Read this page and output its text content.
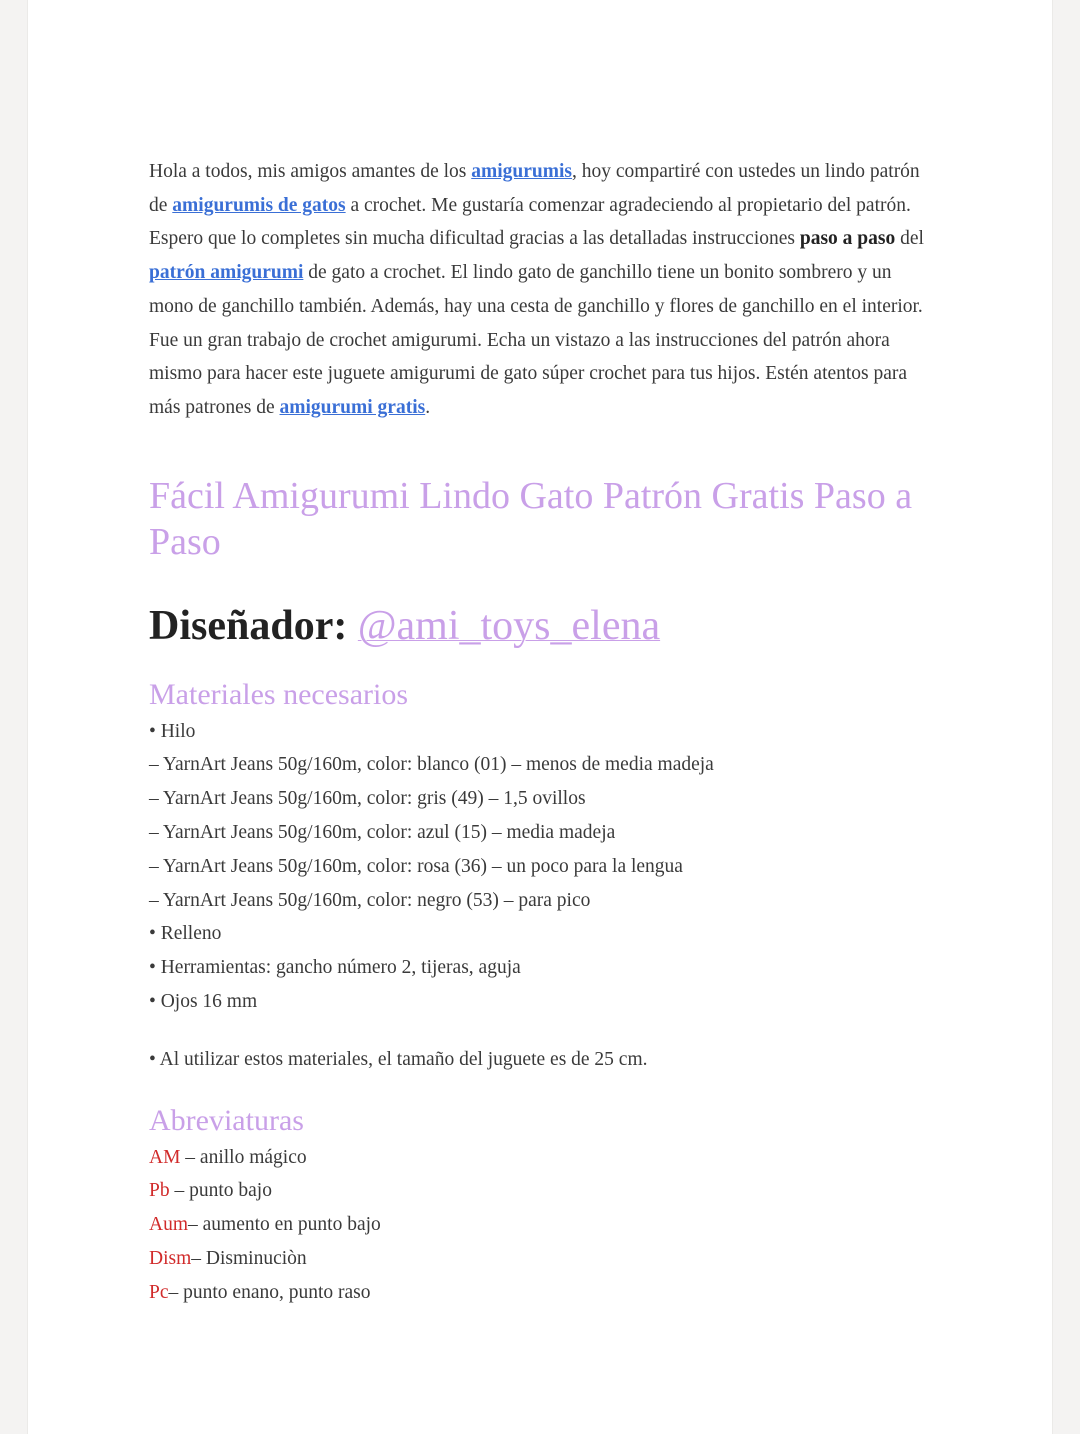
Hola a todos, mis amigos amantes de los amigurumis, hoy compartiré con ustedes un lindo patrón de amigurumis de gatos a crochet. Me gustaría comenzar agradeciendo al propietario del patrón. Espero que lo completes sin mucha dificultad gracias a las detalladas instrucciones paso a paso del patrón amigurumi de gato a crochet. El lindo gato de ganchillo tiene un bonito sombrero y un mono de ganchillo también. Además, hay una cesta de ganchillo y flores de ganchillo en el interior. Fue un gran trabajo de crochet amigurumi. Echa un vistazo a las instrucciones del patrón ahora mismo para hacer este juguete amigurumi de gato súper crochet para tus hijos. Estén atentos para más patrones de amigurumi gratis.

Fácil Amigurumi Lindo Gato Patrón Gratis Paso a Paso
Diseñador: @ami_toys_elena
Materiales necesarios
• Hilo
– YarnArt Jeans 50g/160m, color: blanco (01) – menos de media madeja
– YarnArt Jeans 50g/160m, color: gris (49) – 1,5 ovillos
– YarnArt Jeans 50g/160m, color: azul (15) – media madeja
– YarnArt Jeans 50g/160m, color: rosa (36) – un poco para la lengua
– YarnArt Jeans 50g/160m, color: negro (53) – para pico
• Relleno
• Herramientas: gancho número 2, tijeras, aguja
• Ojos 16 mm

• Al utilizar estos materiales, el tamaño del juguete es de 25 cm.

Abreviaturas
AM – anillo mágico
Pb – punto bajo
Aum– aumento en punto bajo
Dism– Disminuciòn
Pc– punto enano, punto raso
